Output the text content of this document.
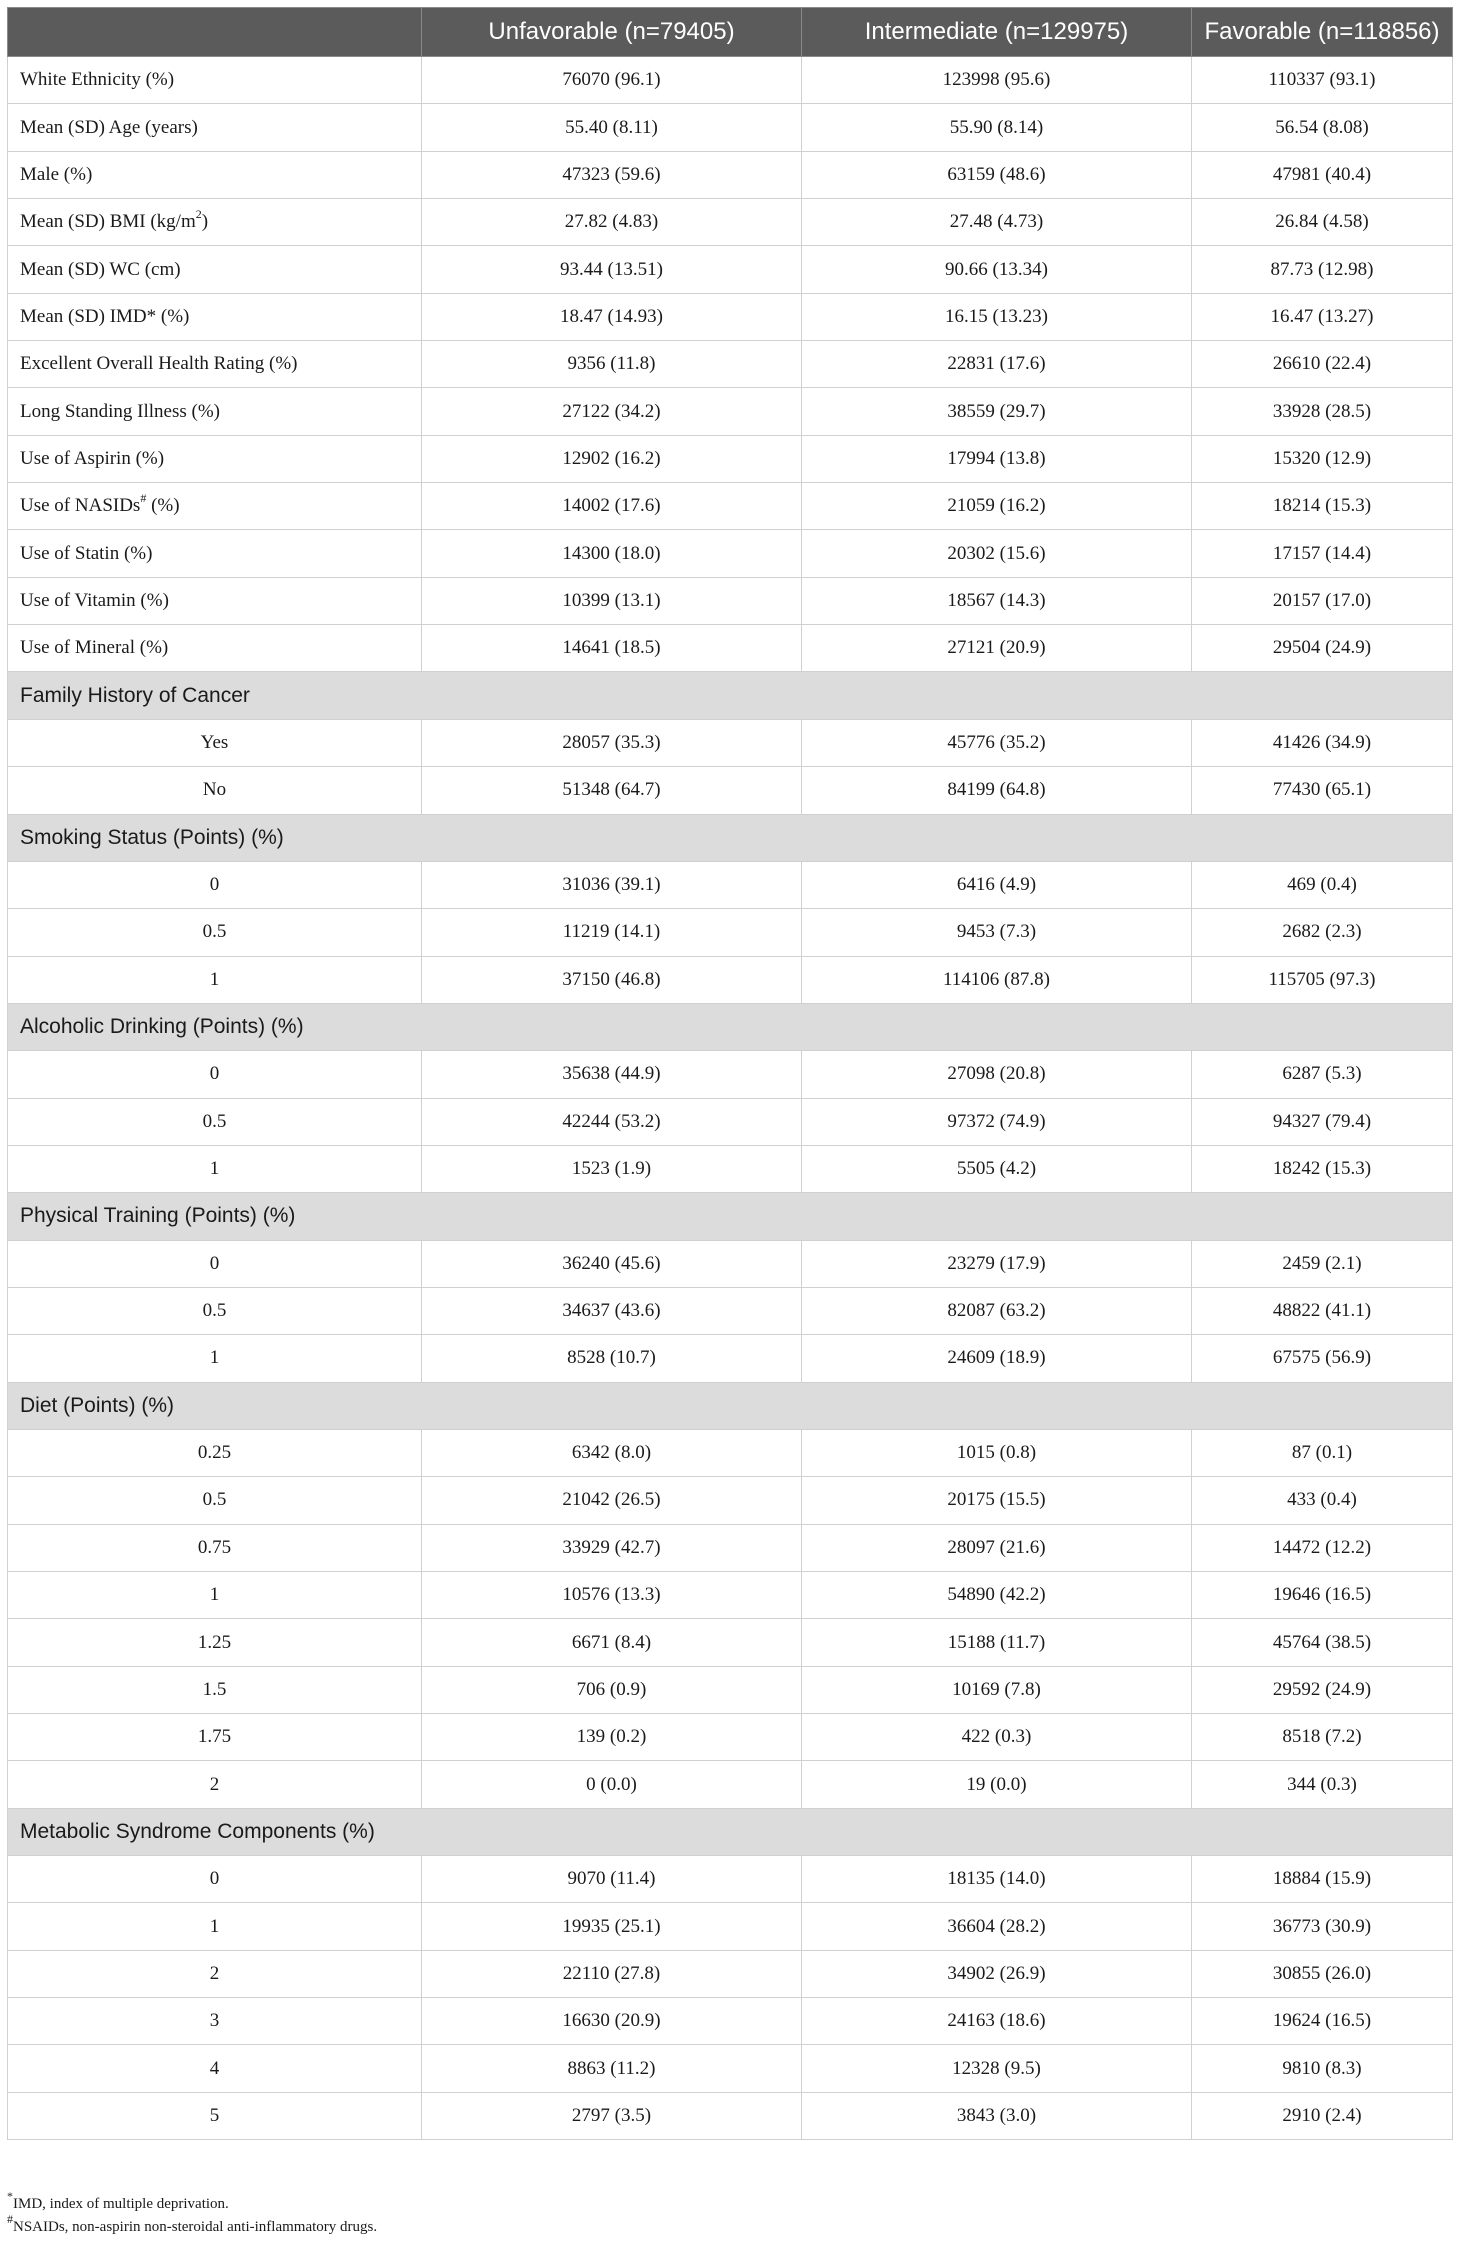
	Unfavorable (n=79405)	Intermediate (n=129975)	Favorable (n=118856)
White Ethnicity (%)	76070 (96.1)	123998 (95.6)	110337 (93.1)
Mean (SD) Age (years)	55.40 (8.11)	55.90 (8.14)	56.54 (8.08)
Male (%)	47323 (59.6)	63159 (48.6)	47981 (40.4)
Mean (SD) BMI $(kg/m^2)$	27.82 (4.83)	27.48 (4.73)	26.84 (4.58)
Mean (SD) WC (cm)	93.44 (13.51)	90.66 (13.34)	87.73 (12.98)
Mean (SD) IMD* (%)	18.47 (14.93)	16.15 (13.23)	16.47 (13.27)
Excellent Overall Health Rating (%)	9356 (11.8)	22831 (17.6)	26610 (22.4)
Long Standing Illness (%)	27122 (34.2)	38559 (29.7)	33928 (28.5)
Use of Aspirin (%)	12902 (16.2)	17994 (13.8)	15320 (12.9)
Use of NASIDs# (%)	14002 (17.6)	21059 (16.2)	18214 (15.3)
Use of Statin (%)	14300 (18.0)	20302 (15.6)	17157 (14.4)
Use of Vitamin (%)	10399 (13.1)	18567 (14.3)	20157 (17.0)
Use of Mineral (%)	14641 (18.5)	27121 (20.9)	29504 (24.9)
Family History of Cancer			
Yes	28057 (35.3)	45776 (35.2)	41426 (34.9)
No	51348 (64.7)	84199 (64.8)	77430 (65.1)
Smoking Status (Points) (%)			
0	31036 (39.1)	6416 (4.9)	469 (0.4)
0.5	11219 (14.1)	9453 (7.3)	2682 (2.3)
1	37150 (46.8)	114106 (87.8)	115705 (97.3)
Alcoholic Drinking (Points) (%)			
0	35638 (44.9)	27098 (20.8)	6287 (5.3)
0.5	42244 (53.2)	97372 (74.9)	94327 (79.4)
1	1523 (1.9)	5505 (4.2)	18242 (15.3)
Physical Training (Points) (%)			
0	36240 (45.6)	23279 (17.9)	2459 (2.1)
0.5	34637 (43.6)	82087 (63.2)	48822 (41.1)
1	8528 (10.7)	24609 (18.9)	67575 (56.9)
Diet (Points) (%)			
0.25	6342 (8.0)	1015 (0.8)	87 (0.1)
0.5	21042 (26.5)	20175 (15.5)	433 (0.4)
0.75	33929 (42.7)	28097 (21.6)	14472 (12.2)
1	10576 (13.3)	54890 (42.2)	19646 (16.5)
1.25	6671 (8.4)	15188 (11.7)	45764 (38.5)
1.5	706 (0.9)	10169 (7.8)	29592 (24.9)
1.75	139 (0.2)	422 (0.3)	8518 (7.2)
2	0 (0.0)	19 (0.0)	344 (0.3)
Metabolic Syndrome Components (%)			
0	9070 (11.4)	18135 (14.0)	18884 (15.9)
1	19935 (25.1)	36604 (28.2)	36773 (30.9)
2	22110 (27.8)	34902 (26.9)	30855 (26.0)
3	16630 (20.9)	24163 (18.6)	19624 (16.5)
4	8863 (11.2)	12328 (9.5)	9810 (8.3)
5	2797 (3.5)	3843 (3.0)	2910 (2.4)
*IMD, index of multiple deprivation.
#NSAIDs, non-aspirin non-steroidal anti-inflammatory drugs.
